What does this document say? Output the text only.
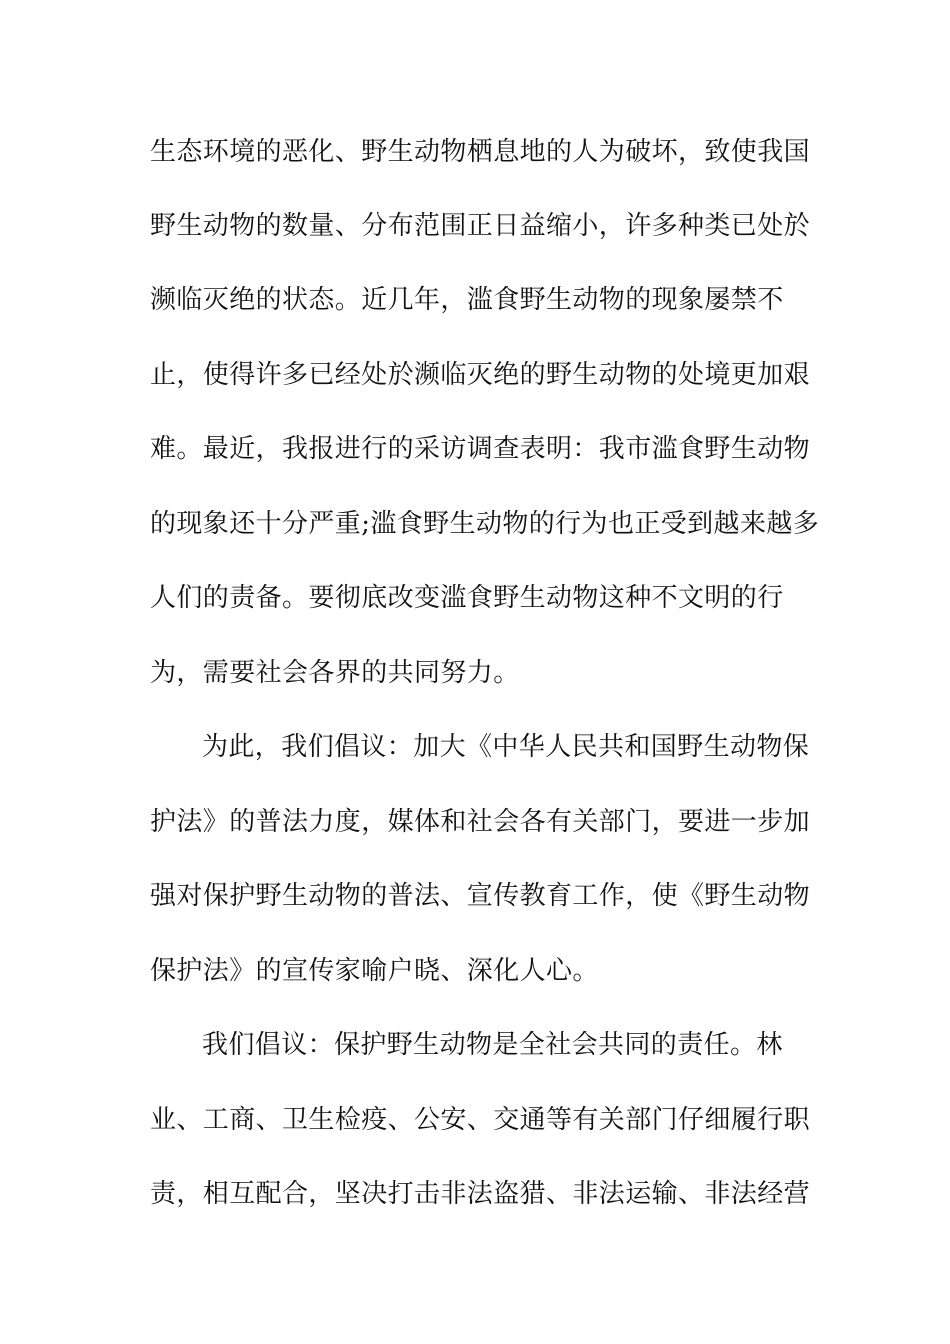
生态环境的恶化、野生动物栖息地的人为破坏，致使我国
野生动物的数量、分布范围正日益缩小，许多种类已处於
濒临灭绝的状态。近几年，滥食野生动物的现象屡禁不
止，使得许多已经处於濒临灭绝的野生动物的处境更加艰
难。最近，我报进行的采访调查表明：我市滥食野生动物
的现象还十分严重;滥食野生动物的行为也正受到越来越多
人们的责备。要彻底改变滥食野生动物这种不文明的行
为，需要社会各界的共同努力。
为此，我们倡议：加大《中华人民共和国野生动物保
护法》的普法力度，媒体和社会各有关部门，要进一步加
强对保护野生动物的普法、宣传教育工作，使《野生动物
保护法》的宣传家喻户晓、深化人心。
我们倡议：保护野生动物是全社会共同的责任。林
业、工商、卫生检疫、公安、交通等有关部门仔细履行职
责，相互配合，坚决打击非法盗猎、非法运输、非法经营
